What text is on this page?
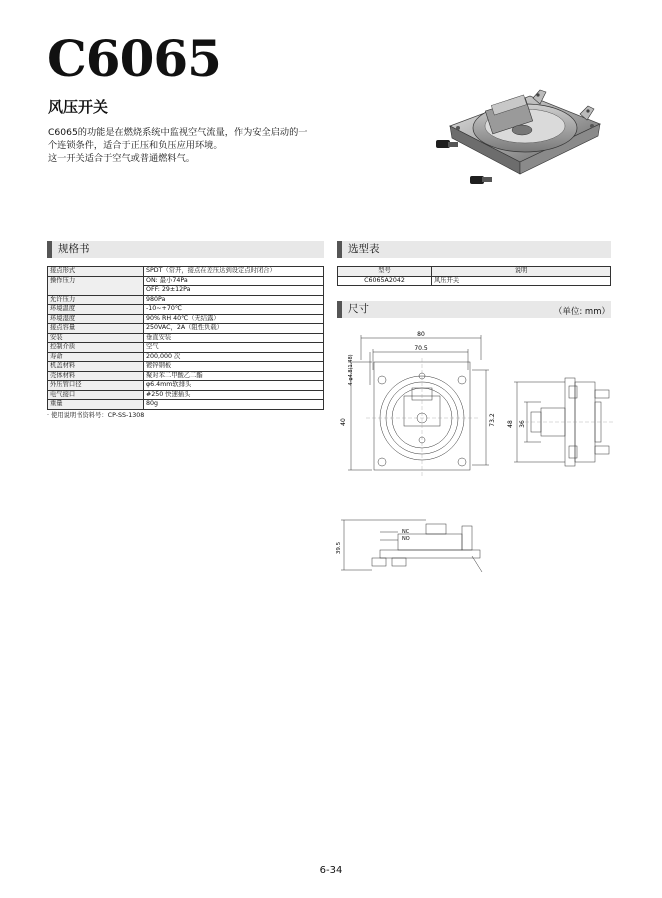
C6065
风压开关

C6065的功能是在燃烧系统中监视空气流量，作为安全启动的一

个连锁条件，适合于正压和负压应用环境。

这一开关适合于空气或普通燃料气。

规格书
接点形式	SPDT（常开，接点在差压达到设定点时闭合）
操作压力	ON: 最小74Pa
	OFF: 29±12Pa
允许压力	980Pa
环境温度	-10~+70℃
环境湿度	90% RH 40℃（无结露）
接点容量	250VAC，2A（阻性负载）
安装	垂直安装
控制介质	空气
寿命	200,000 次
机盖材料	镀锌钢板
壳体材料	聚对苯二甲酸乙二酯
外压管口径	φ6.4mm软排头
电气接口	#250 快速插头
重量	80g

· 使用说明书资料号：CP-SS-1308

选型表
型号	说明
C6065A2042	风压开关
尺寸	（单位: mm）

80
70.5
40	73.2
4-φ4.8(1.48)
48 36
39.5
NC
NO

6-34
